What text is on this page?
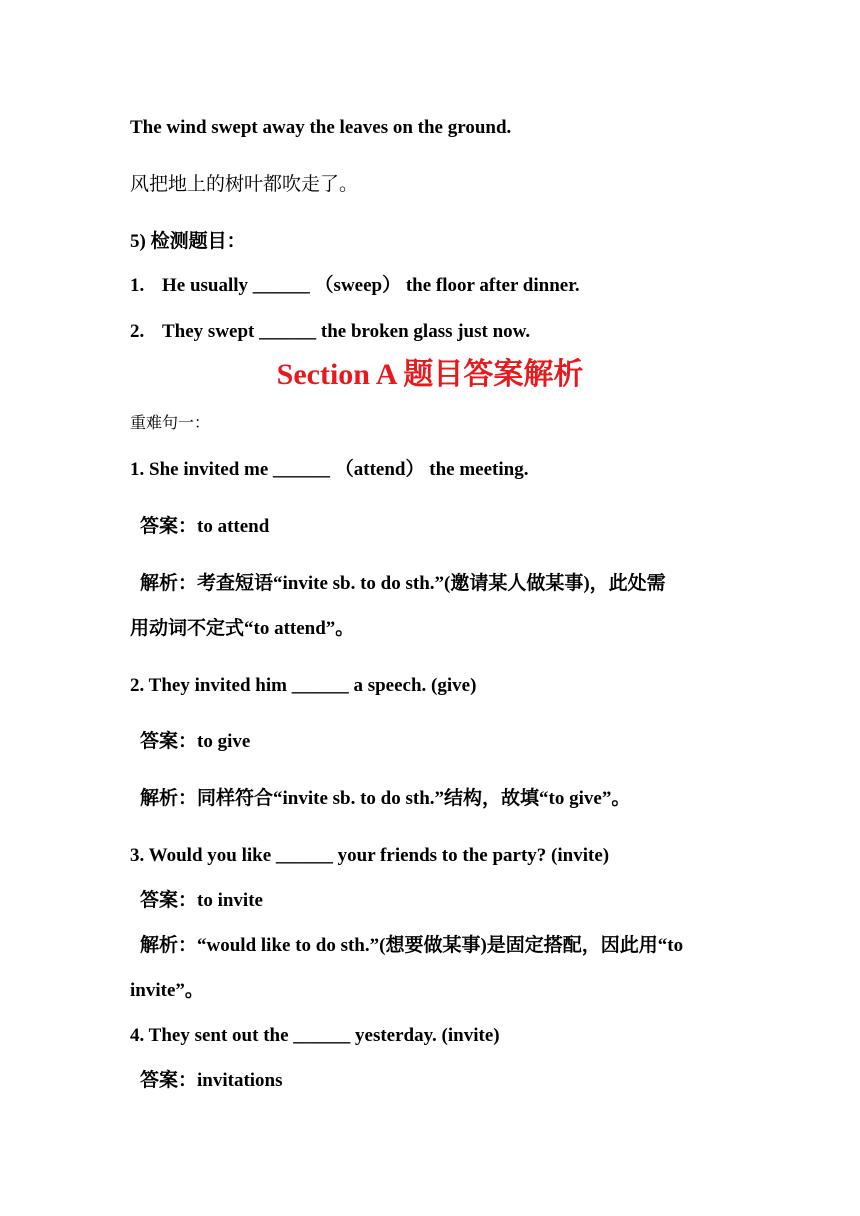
The wind swept away the leaves on the ground.
风把地上的树叶都吹走了。
5) 检测题目：
1. He usually ______ （sweep） the floor after dinner.
2. They swept ______ the broken glass just now.
Section A 题目答案解析
重难句一：
1. She invited me ______ （attend） the meeting.
答案：to attend
解析：考查短语“invite sb. to do sth.”(邀请某人做某事)，此处需
用动词不定式“to attend”。
2. They invited him ______ a speech. (give)
答案：to give
解析：同样符合“invite sb. to do sth.”结构，故填“to give”。
3. Would you like ______ your friends to the party? (invite)
答案：to invite
解析：“would like to do sth.”(想要做某事)是固定搭配，因此用“to
invite”。
4. They sent out the ______ yesterday. (invite)
答案：invitations
